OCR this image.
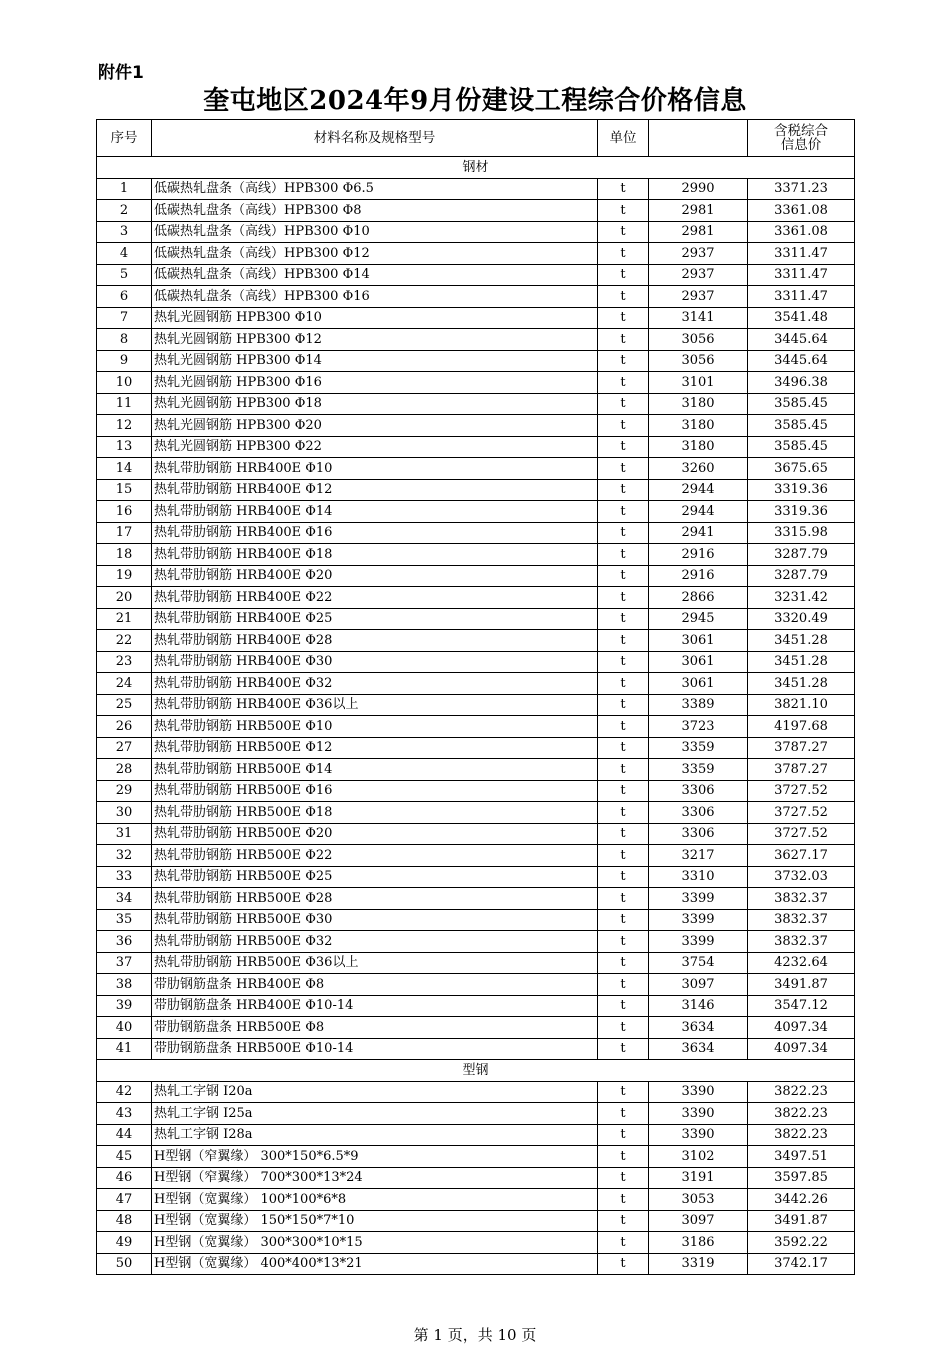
附件1
奎屯地区2024年9月份建设工程综合价格信息
序号	材料名称及规格型号	单位		含税综合
信息价
钢材				
1	低碳热轧盘条（高线）HPB300 Φ6.5	t	2990	3371.23
2	低碳热轧盘条（高线）HPB300 Φ8	t	2981	3361.08
3	低碳热轧盘条（高线）HPB300 Φ10	t	2981	3361.08
4	低碳热轧盘条（高线）HPB300 Φ12	t	2937	3311.47
5	低碳热轧盘条（高线）HPB300 Φ14	t	2937	3311.47
6	低碳热轧盘条（高线）HPB300 Φ16	t	2937	3311.47
7	热轧光圆钢筋 HPB300 Φ10	t	3141	3541.48
8	热轧光圆钢筋 HPB300 Φ12	t	3056	3445.64
9	热轧光圆钢筋 HPB300 Φ14	t	3056	3445.64
10	热轧光圆钢筋 HPB300 Φ16	t	3101	3496.38
11	热轧光圆钢筋 HPB300 Φ18	t	3180	3585.45
12	热轧光圆钢筋 HPB300 Φ20	t	3180	3585.45
13	热轧光圆钢筋 HPB300 Φ22	t	3180	3585.45
14	热轧带肋钢筋 HRB400E Φ10	t	3260	3675.65
15	热轧带肋钢筋 HRB400E Φ12	t	2944	3319.36
16	热轧带肋钢筋 HRB400E Φ14	t	2944	3319.36
17	热轧带肋钢筋 HRB400E Φ16	t	2941	3315.98
18	热轧带肋钢筋 HRB400E Φ18	t	2916	3287.79
19	热轧带肋钢筋 HRB400E Φ20	t	2916	3287.79
20	热轧带肋钢筋 HRB400E Φ22	t	2866	3231.42
21	热轧带肋钢筋 HRB400E Φ25	t	2945	3320.49
22	热轧带肋钢筋 HRB400E Φ28	t	3061	3451.28
23	热轧带肋钢筋 HRB400E Φ30	t	3061	3451.28
24	热轧带肋钢筋 HRB400E Φ32	t	3061	3451.28
25	热轧带肋钢筋 HRB400E Φ36以上	t	3389	3821.10
26	热轧带肋钢筋 HRB500E Φ10	t	3723	4197.68
27	热轧带肋钢筋 HRB500E Φ12	t	3359	3787.27
28	热轧带肋钢筋 HRB500E Φ14	t	3359	3787.27
29	热轧带肋钢筋 HRB500E Φ16	t	3306	3727.52
30	热轧带肋钢筋 HRB500E Φ18	t	3306	3727.52
31	热轧带肋钢筋 HRB500E Φ20	t	3306	3727.52
32	热轧带肋钢筋 HRB500E Φ22	t	3217	3627.17
33	热轧带肋钢筋 HRB500E Φ25	t	3310	3732.03
34	热轧带肋钢筋 HRB500E Φ28	t	3399	3832.37
35	热轧带肋钢筋 HRB500E Φ30	t	3399	3832.37
36	热轧带肋钢筋 HRB500E Φ32	t	3399	3832.37
37	热轧带肋钢筋 HRB500E Φ36以上	t	3754	4232.64
38	带肋钢筋盘条 HRB400E Φ8	t	3097	3491.87
39	带肋钢筋盘条 HRB400E Φ10-14	t	3146	3547.12
40	带肋钢筋盘条 HRB500E Φ8	t	3634	4097.34
41	带肋钢筋盘条 HRB500E Φ10-14	t	3634	4097.34
型钢				
42	热轧工字钢 I20a	t	3390	3822.23
43	热轧工字钢 I25a	t	3390	3822.23
44	热轧工字钢 I28a	t	3390	3822.23
45	H型钢（窄翼缘） 300*150*6.5*9	t	3102	3497.51
46	H型钢（窄翼缘） 700*300*13*24	t	3191	3597.85
47	H型钢（宽翼缘） 100*100*6*8	t	3053	3442.26
48	H型钢（宽翼缘） 150*150*7*10	t	3097	3491.87
49	H型钢（宽翼缘） 300*300*10*15	t	3186	3592.22
50	H型钢（宽翼缘） 400*400*13*21	t	3319	3742.17
第 1 页，共 10 页
